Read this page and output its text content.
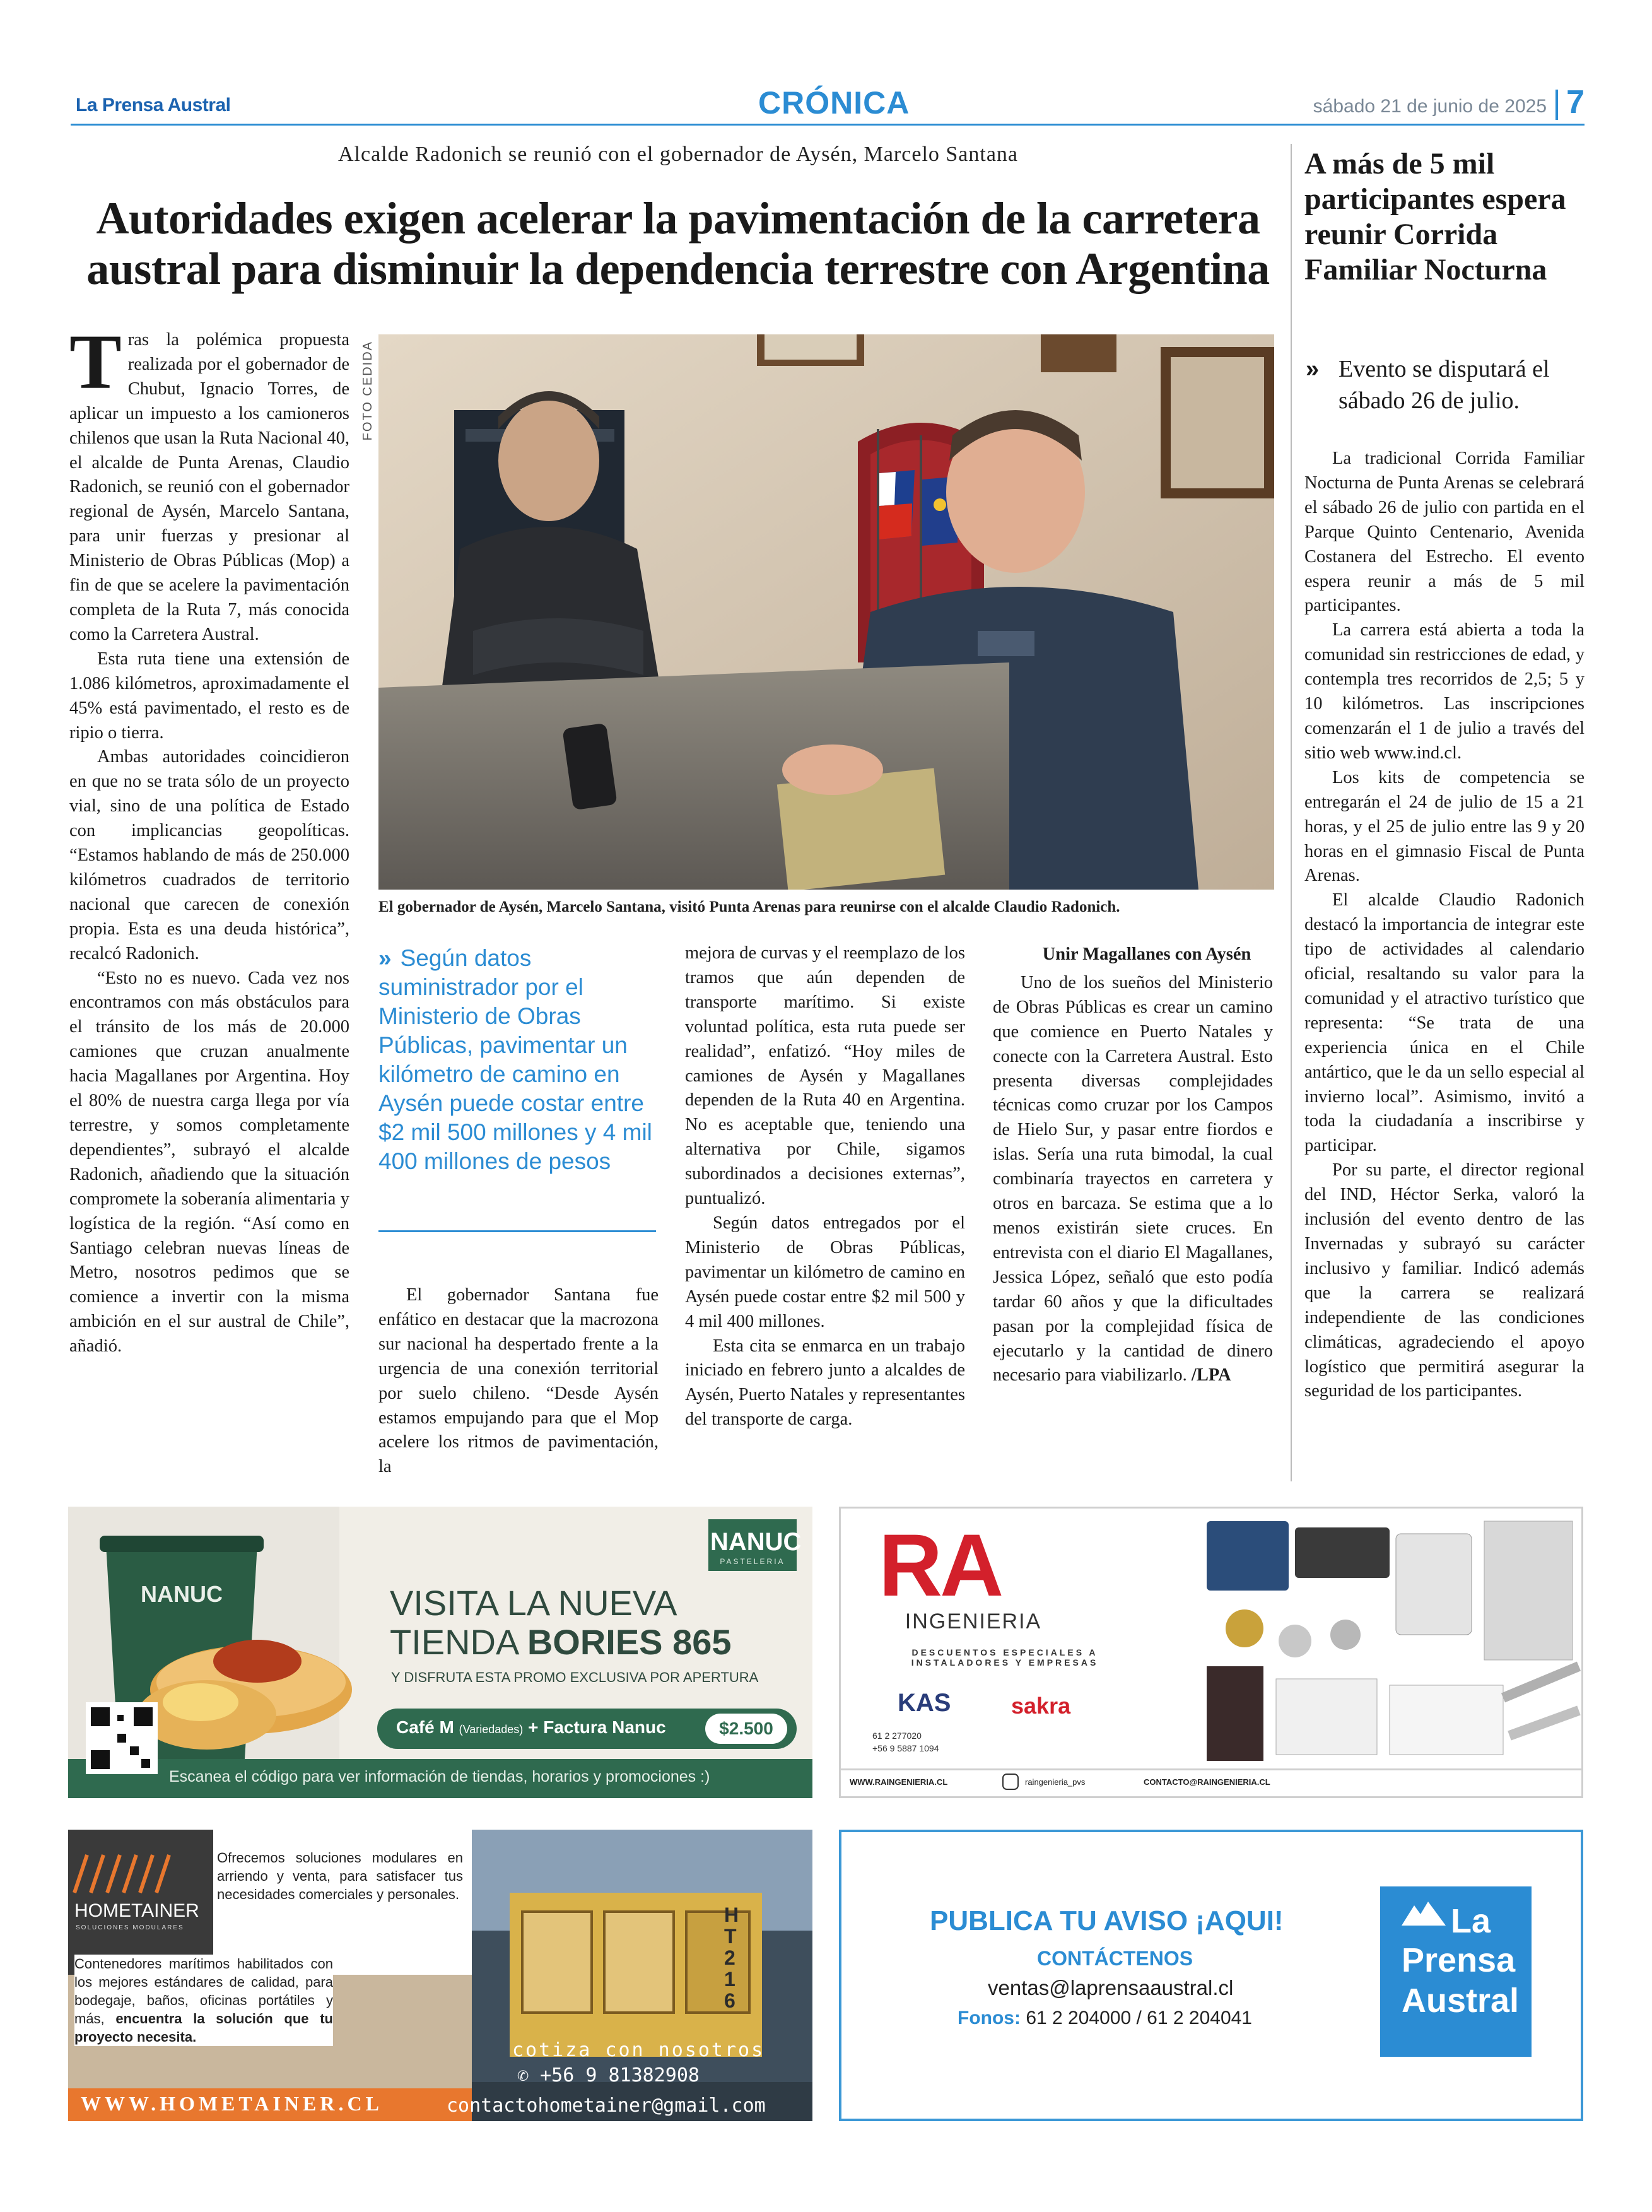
La Prensa Austral	CRÓNICA	sábado 21 de junio de 2025 7
Alcalde Radonich se reunió con el gobernador de Aysén, Marcelo Santana
Autoridades exigen acelerar la pavimentación de la carretera austral para disminuir la dependencia terrestre con Argentina

Tras la polémica propuesta realizada por el gobernador de Chubut, Ignacio Torres, de aplicar un impuesto a los camioneros chilenos que usan la Ruta Nacional 40, el alcalde de Punta Arenas, Claudio Radonich, se reunió con el gobernador regional de Aysén, Marcelo Santana, para unir fuerzas y presionar al Ministerio de Obras Públicas (Mop) a fin de que se acelere la pavimentación completa de la Ruta 7, más conocida como la Carretera Austral.

Esta ruta tiene una extensión de 1.086 kilómetros, aproximadamente el 45% está pavimentado, el resto es de ripio o tierra.

Ambas autoridades coincidieron en que no se trata sólo de un proyecto vial, sino de una política de Estado con implicancias geopolíticas. “Estamos hablando de más de 250.000 kilómetros cuadrados de territorio nacional que carecen de conexión propia. Esta es una deuda histórica”, recalcó Radonich.

“Esto no es nuevo. Cada vez nos encontramos con más obstáculos para el tránsito de los más de 20.000 camiones que cruzan anualmente hacia Magallanes por Argentina. Hoy el 80% de nuestra carga llega por vía terrestre, y somos completamente dependientes”, subrayó el alcalde Radonich, añadiendo que la situación compromete la soberanía alimentaria y logística de la región. “Así como en Santiago celebran nuevas líneas de Metro, nosotros pedimos que se comience a invertir con la misma ambición en el sur austral de Chile”, añadió.

FOTO CEDIDA
El gobernador de Aysén, Marcelo Santana, visitó Punta Arenas para reunirse con el alcalde Claudio Radonich.
» Según datos suministrador por el Ministerio de Obras Públicas, pavimentar un kilómetro de camino en Aysén puede costar entre $2 mil 500 millones y 4 mil 400 millones de pesos

El gobernador Santana fue enfático en destacar que la macrozona sur nacional ha despertado frente a la urgencia de una conexión territorial por suelo chileno. “Desde Aysén estamos empujando para que el Mop acelere los ritmos de pavimentación, la

mejora de curvas y el reemplazo de los tramos que aún dependen de transporte marítimo. Si existe voluntad política, esta ruta puede ser realidad”, enfatizó. “Hoy miles de camiones de Aysén y Magallanes dependen de la Ruta 40 en Argentina. No es aceptable que, teniendo una alternativa por Chile, sigamos subordinados a decisiones externas”, puntualizó.

Según datos entregados por el Ministerio de Obras Públicas, pavimentar un kilómetro de camino en Aysén puede costar entre $2 mil 500 y 4 mil 400 millones.

Esta cita se enmarca en un trabajo iniciado en febrero junto a alcaldes de Aysén, Puerto Natales y representantes del transporte de carga.

Unir Magallanes con Aysén

Uno de los sueños del Ministerio de Obras Públicas es crear un camino que comience en Puerto Natales y conecte con la Carretera Austral. Esto presenta diversas complejidades técnicas como cruzar por los Campos de Hielo Sur, y pasar entre fiordos e islas. Sería una ruta bimodal, la cual combinaría trayectos en carretera y otros en barcaza. Se estima que a lo menos existirán siete cruces. En entrevista con el diario El Magallanes, Jessica López, señaló que esto podía tardar 60 años y que la dificultades pasan por la complejidad física de ejecutarlo y la cantidad de dinero necesario para viabilizarlo. /LPA

A más de 5 mil participantes espera reunir Corrida Familiar Nocturna
» Evento se disputará el sábado 26 de julio.

La tradicional Corrida Familiar Nocturna de Punta Arenas se celebrará el sábado 26 de julio con partida en el Parque Quinto Centenario, Avenida Costanera del Estrecho. El evento espera reunir a más de 5 mil participantes.

La carrera está abierta a toda la comunidad sin restricciones de edad, y contempla tres recorridos de 2,5; 5 y 10 kilómetros. Las inscripciones comenzarán el 1 de julio a través del sitio web www.ind.cl.

Los kits de competencia se entregarán el 24 de julio de 15 a 21 horas, y el 25 de julio entre las 9 y 20 horas en el gimnasio Fiscal de Punta Arenas.

El alcalde Claudio Radonich destacó la importancia de integrar este tipo de actividades al calendario oficial, resaltando su valor para la comunidad y el atractivo turístico que representa: “Se trata de una experiencia única en el Chile antártico, que le da un sello especial al invierno local”. Asimismo, invitó a toda la ciudadanía a inscribirse y participar.

Por su parte, el director regional del IND, Héctor Serka, valoró la inclusión del evento dentro de las Invernadas y subrayó su carácter inclusivo y familiar. Indicó además que la carrera se realizará independiente de las condiciones climáticas, agradeciendo el apoyo logístico que permitirá asegurar la seguridad de los participantes.

NANUC
PASTELERIA
NANUC	VISITA LA NUEVA
TIENDA BORIES 865
Y DISFRUTA ESTA PROMO EXCLUSIVA POR APERTURA
Café M (Variedades) + Factura Nanuc	$2.500
Escanea el código para ver información de tiendas, horarios y promociones :)
RA
INGENIERIA
DESCUENTOS ESPECIALES A INSTALADORES Y EMPRESAS
KAS	sakra
61 2 277020
+56 9 5887 1094
WWW.RAINGENIERIA.CL	raingenieria_pvs	CONTACTO@RAINGENIERIA.CL
HOMETAINER
SOLUCIONES MODULARES
Ofrecemos soluciones modulares en arriendo y venta, para satisfacer tus necesidades comerciales y personales.
Contenedores marítimos habilitados con los mejores estándares de calidad, para bodegaje, baños, oficinas portátiles y más, encuentra la solución que tu proyecto necesita.
cotiza con nosotros
✆ +56 9 81382908
contactohometainer@gmail.com
WWW.HOMETAINER.CL
HT 2 16
PUBLICA TU AVISO ¡AQUI!
CONTÁCTENOS
ventas@laprensaaustral.cl
Fonos: 61 2 204000 / 61 2 204041
La
Prensa
Austral
